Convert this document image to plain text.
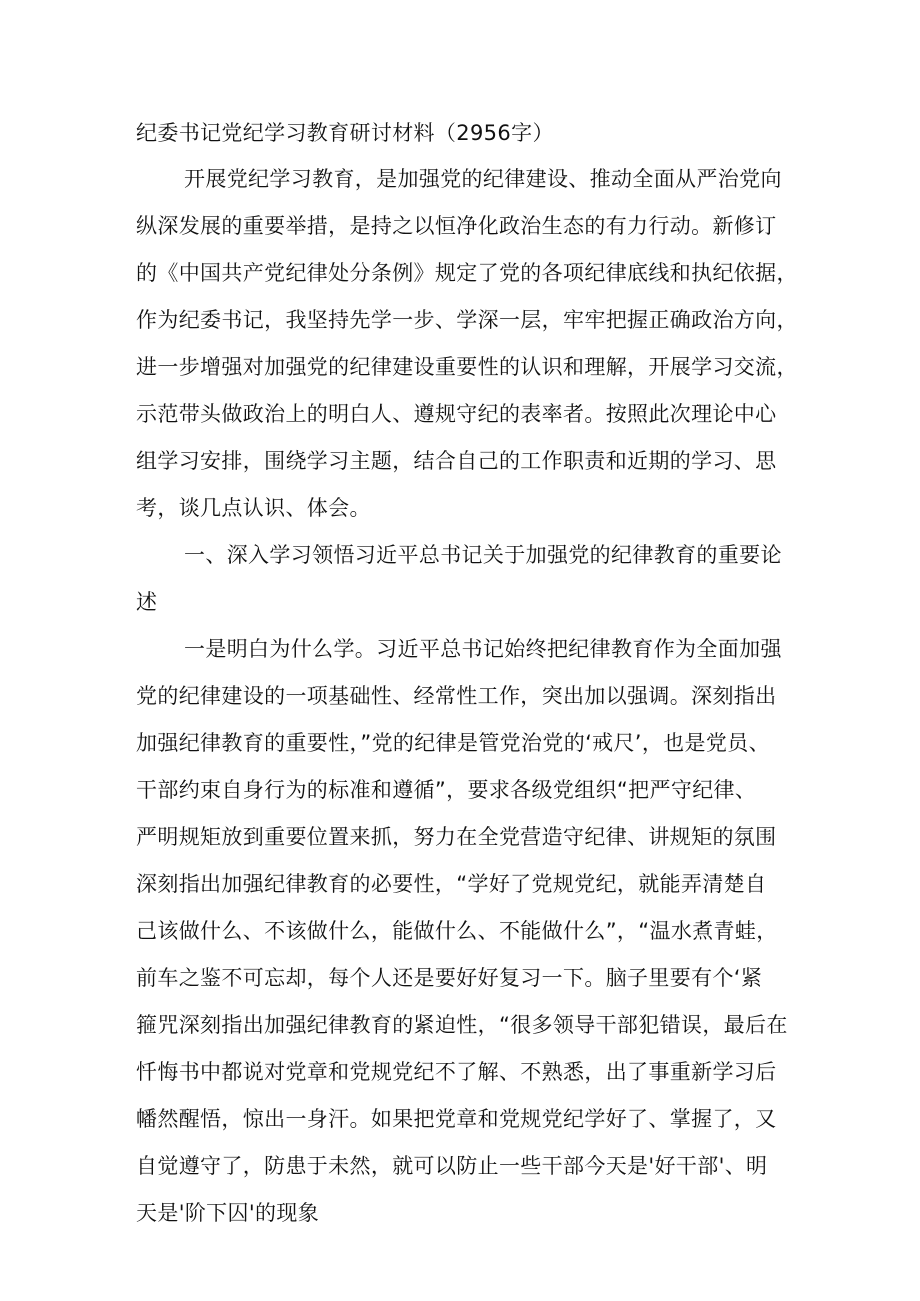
纪委书记党纪学习教育研讨材料（2956字）
开展党纪学习教育，是加强党的纪律建设、推动全面从严治党向
纵深发展的重要举措，是持之以恒净化政治生态的有力行动。新修订
的《中国共产党纪律处分条例》规定了党的各项纪律底线和执纪依据，
作为纪委书记，我坚持先学一步、学深一层，牢牢把握正确政治方向，
进一步增强对加强党的纪律建设重要性的认识和理解，开展学习交流，
示范带头做政治上的明白人、遵规守纪的表率者。按照此次理论中心
组学习安排，围绕学习主题，结合自己的工作职责和近期的学习、思
考，谈几点认识、体会。
一、深入学习领悟习近平总书记关于加强党的纪律教育的重要论
述
一是明白为什么学。习近平总书记始终把纪律教育作为全面加强
党的纪律建设的一项基础性、经常性工作，突出加以强调。深刻指出
加强纪律教育的重要性，”党的纪律是管党治党的‘戒尺’，也是党员、
干部约束自身行为的标准和遵循”，要求各级党组织“把严守纪律、
严明规矩放到重要位置来抓，努力在全党营造守纪律、讲规矩的氛围
深刻指出加强纪律教育的必要性，“学好了党规党纪，就能弄清楚自
己该做什么、不该做什么，能做什么、不能做什么”，“温水煮青蛙，
前车之鉴不可忘却，每个人还是要好好复习一下。脑子里要有个‘紧
箍咒深刻指出加强纪律教育的紧迫性，“很多领导干部犯错误，最后在
忏悔书中都说对党章和党规党纪不了解、不熟悉，出了事重新学习后
幡然醒悟，惊出一身汗。如果把党章和党规党纪学好了、掌握了，又
自觉遵守了，防患于未然，就可以防止一些干部今天是'好干部'、明
天是'阶下囚'的现象
